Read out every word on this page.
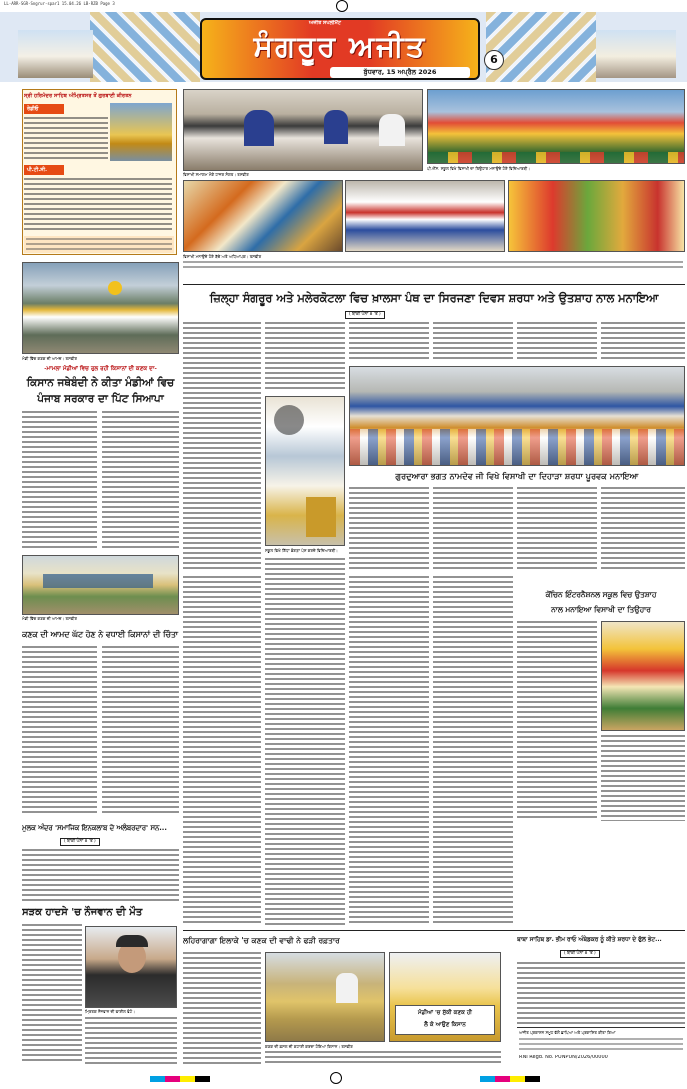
LL-ARR-SGR-Sngrur-spar1 15.04.26 LB-RZB Page 3
ਅਜੀਤ ਸਪਲੀਮੈਂਟ
ਸੰਗਰੂਰ ਅਜੀਤ
ਬੁੱਧਵਾਰ, 15 ਅਪ੍ਰੈਲ 2026
6
ਸ੍ਰੀ ਹਰਿਮੰਦਰ ਸਾਹਿਬ ਅੰਮ੍ਰਿਤਸਰ ਤੋਂ ਗੁਰਬਾਣੀ ਕੀਰਤਨ
ਰੇਡੀਓ
ਪੀ.ਟੀ.ਸੀ.
ਵਿਸਾਖੀ ਸਮਾਗਮ ਮੌਕੇ ਹਾਜ਼ਰ ਸੰਗਤ। ਤਸਵੀਰ
ਪੀ.ਐੱਸ. ਸਕੂਲ ਵਿਖੇ ਵਿਸਾਖੀ ਦਾ ਤਿਉਹਾਰ ਮਨਾਉਂਦੇ ਹੋਏ ਵਿਦਿਆਰਥੀ।
ਵਿਸਾਖੀ ਮਨਾਉਂਦੇ ਹੋਏ ਬੱਚੇ ਅਤੇ ਅਧਿਆਪਕ। ਤਸਵੀਰ
ਮੰਡੀ ਵਿੱਚ ਕਣਕ ਦੀ ਆਮਦ। ਤਸਵੀਰ
-ਮਾਮਲਾ ਮੰਡੀਆਂ ਵਿਚ ਰੁਲ ਰਹੀ ਕਿਸਾਨਾਂ ਦੀ ਕਣਕ ਦਾ-
ਕਿਸਾਨ ਜਥੇਬੰਦੀ ਨੇ ਕੀਤਾ ਮੰਡੀਆਂ ਵਿਚ
ਪੰਜਾਬ ਸਰਕਾਰ ਦਾ ਪਿੱਟ ਸਿਆਪਾ
ਮੰਡੀ ਵਿੱਚ ਕਣਕ ਦੀ ਆਮਦ। ਤਸਵੀਰ
ਕਣਕ ਦੀ ਆਮਦ ਘੱਟ ਹੋਣ ਨੇ ਵਧਾਈ ਕਿਸਾਨਾਂ ਦੀ ਚਿੰਤਾ
ਮੁਲਕ ਅੰਦਰ 'ਸਮਾਜਿਕ ਇਨਕਲਾਬ ਦੇ ਅਲੰਬਰਦਾਰ' ਸਨ...
( ਬਾਕੀ ਪੰਨਾ 8 'ਤੇ )
ਸੜਕ ਹਾਦਸੇ 'ਚ ਨੌਜਵਾਨ ਦੀ ਮੌਤ
ਮ੍ਰਿਤਕ ਨੌਜਵਾਨ ਦੀ ਫਾਈਲ ਫੋਟੋ।
ਜ਼ਿਲ੍ਹਾ ਸੰਗਰੂਰ ਅਤੇ ਮਲੇਰਕੋਟਲਾ ਵਿਚ ਖ਼ਾਲਸਾ ਪੰਥ ਦਾ ਸਿਰਜਣਾ ਦਿਵਸ ਸ਼ਰਧਾ ਅਤੇ ਉਤਸ਼ਾਹ ਨਾਲ ਮਨਾਇਆ
( ਬਾਕੀ ਪੰਨਾ 8 'ਤੇ )
ਸਕੂਲ ਵਿਖੇ ਗਿੱਧਾ ਭੰਗੜਾ ਪੇਸ਼ ਕਰਦੇ ਵਿਦਿਆਰਥੀ।
ਗੁਰਦੁਆਰਾ ਭਗਤ ਨਾਮਦੇਵ ਜੀ ਵਿਖੇ ਵਿਸਾਖੀ ਦਾ ਦਿਹਾੜਾ ਸ਼ਰਧਾ ਪੂਰਵਕ ਮਨਾਇਆ
ਕੋਂਚਿਨ ਇੰਟਰਨੈਸ਼ਨਲ ਸਕੂਲ ਵਿਚ ਉਤਸ਼ਾਹ
ਨਾਲ ਮਨਾਇਆ ਵਿਸਾਖੀ ਦਾ ਤਿਉਹਾਰ
ਲਹਿਰਾਗਾਗਾ ਇਲਾਕੇ 'ਚ ਕਣਕ ਦੀ ਵਾਢੀ ਨੇ ਫੜੀ ਰਫ਼ਤਾਰ	ਬਾਬਾ ਸਾਹਿਬ ਡਾ. ਭੀਮ ਰਾਓ ਅੰਬੇਡਕਰ ਨੂੰ ਕੀਤੇ ਸ਼ਰਧਾ ਦੇ ਫੁੱਲ ਭੇਟ...
( ਬਾਕੀ ਪੰਨਾ 8 'ਤੇ )
ਮੰਡੀਆਂ 'ਚ ਸੁੱਕੀ ਕਣਕ ਹੀ
ਲੈ ਕੇ ਆਉਣ ਕਿਸਾਨ
ਕਣਕ ਦੀ ਫ਼ਸਲ ਦੀ ਕਟਾਈ ਕਰਦਾ ਹੋਇਆ ਕਿਸਾਨ। ਤਸਵੀਰ
ਅਜੀਤ ਪ੍ਰਕਾਸ਼ਨ ਸਮੂਹ ਵੱਲੋਂ ਛਾਪਿਆ ਅਤੇ ਪ੍ਰਕਾਸ਼ਿਤ ਕੀਤਾ ਗਿਆ
RNI Regd. No. PUNPUN/2026/00000
